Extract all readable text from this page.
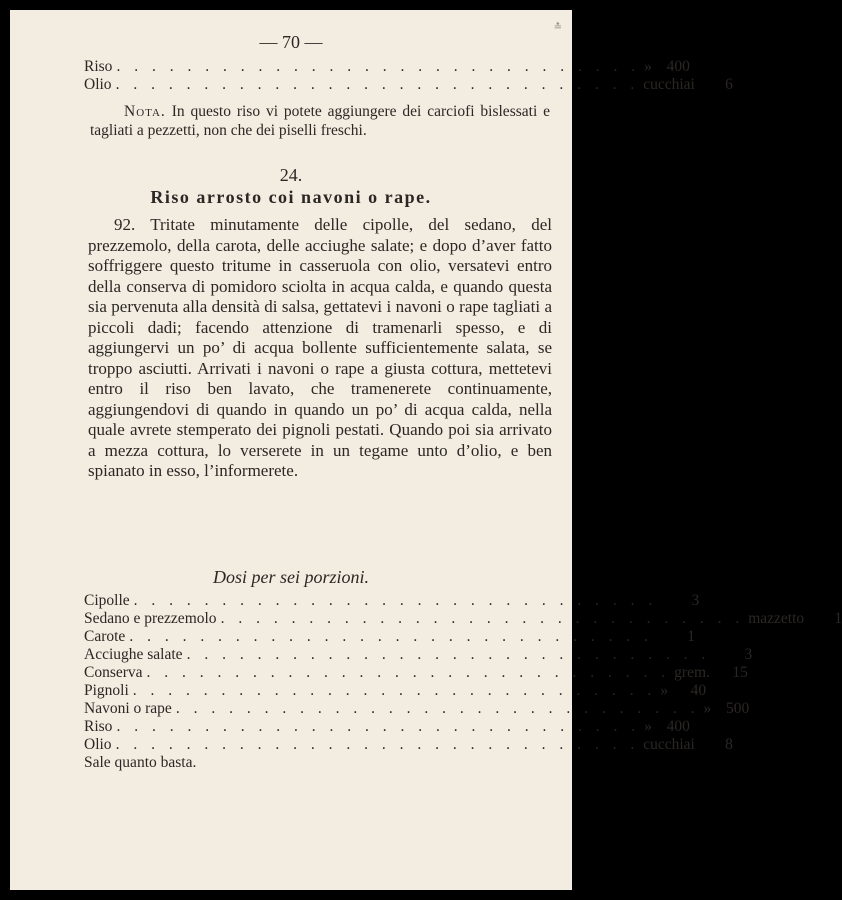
— 70 —
≛
Riso . . . . . . . . . . . . . . . . . . . . . . . . . . . . . . » 400
Olio . . . . . . . . . . . . . . . . . . . . . . . . . . . . . . cucchiai	6
Nota. In questo riso vi potete aggiungere dei carciofi bislessati e tagliati a pezzetti, non che dei piselli freschi.
24.
Riso arrosto coi navoni o rape.
92. Tritate minutamente delle cipolle, del sedano, del prezzemolo, della carota, delle acciughe salate; e dopo d’aver fatto soffriggere questo tritume in casseruola con olio, versatevi entro della conserva di pomidoro sciolta in acqua calda, e quando questa sia pervenuta alla densità di salsa, gettatevi i navoni o rape tagliati a piccoli dadi; facendo attenzione di tramenarli spesso, e di aggiungervi un po’ di acqua bollente sufficientemente salata, se troppo asciutti. Arrivati i navoni o rape a giusta cottura, mettetevi entro il riso ben lavato, che tramenerete continuamente, aggiungendovi di quando in quando un po’ di acqua calda, nella quale avrete stemperato dei pignoli pestati. Quando poi sia arrivato a mezza cottura, lo verserete in un tegame unto d’olio, e ben spianato in esso, l’informerete.
Dosi per sei porzioni.
Cipolle . . . . . . . . . . . . . . . . . . . . . . . . . . . . . .	3
Sedano e prezzemolo . . . . . . . . . . . . . . . . . . . . . . . . . . . . . . mazzetto	1
Carote . . . . . . . . . . . . . . . . . . . . . . . . . . . . . .	1
Acciughe salate . . . . . . . . . . . . . . . . . . . . . . . . . . . . . .	3
Conserva . . . . . . . . . . . . . . . . . . . . . . . . . . . . . . grem.	15
Pignoli . . . . . . . . . . . . . . . . . . . . . . . . . . . . . . »	40
Navoni o rape . . . . . . . . . . . . . . . . . . . . . . . . . . . . . . » 500
Riso . . . . . . . . . . . . . . . . . . . . . . . . . . . . . . » 400
Olio . . . . . . . . . . . . . . . . . . . . . . . . . . . . . . cucchiai	8
Sale quanto basta.
